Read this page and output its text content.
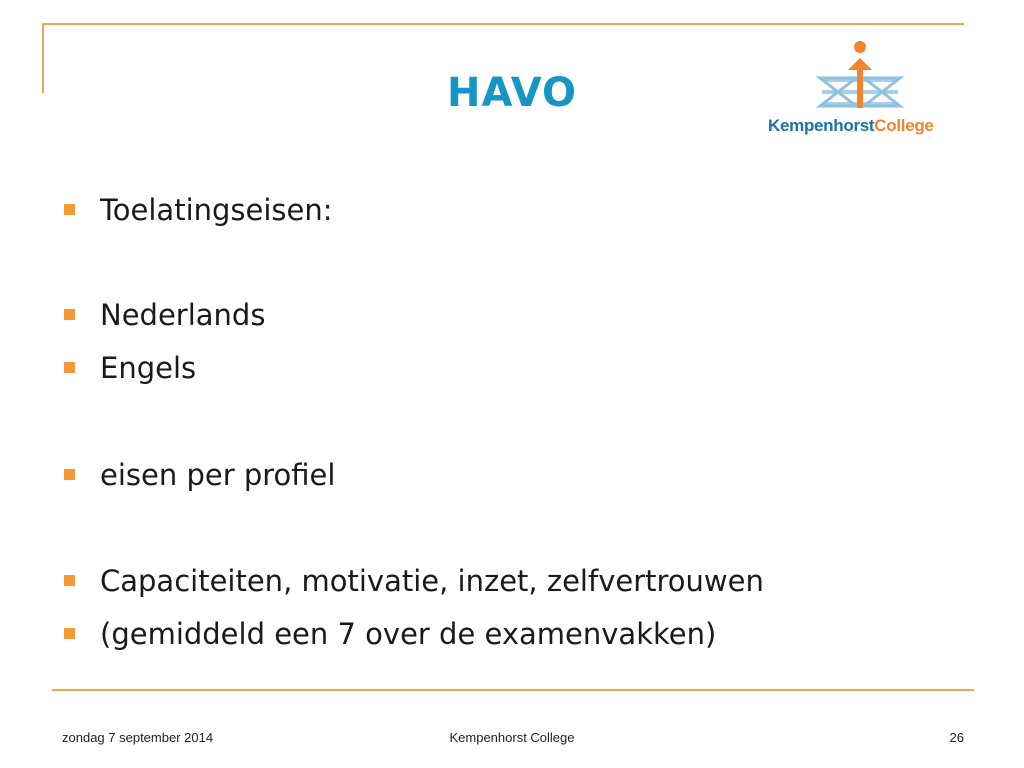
HAVO
KempenhorstCollege
Toelatingseisen:
Nederlands
Engels
eisen per profiel
Capaciteiten, motivatie, inzet, zelfvertrouwen
(gemiddeld een 7 over de examenvakken)
zondag 7 september 2014	Kempenhorst College	26
